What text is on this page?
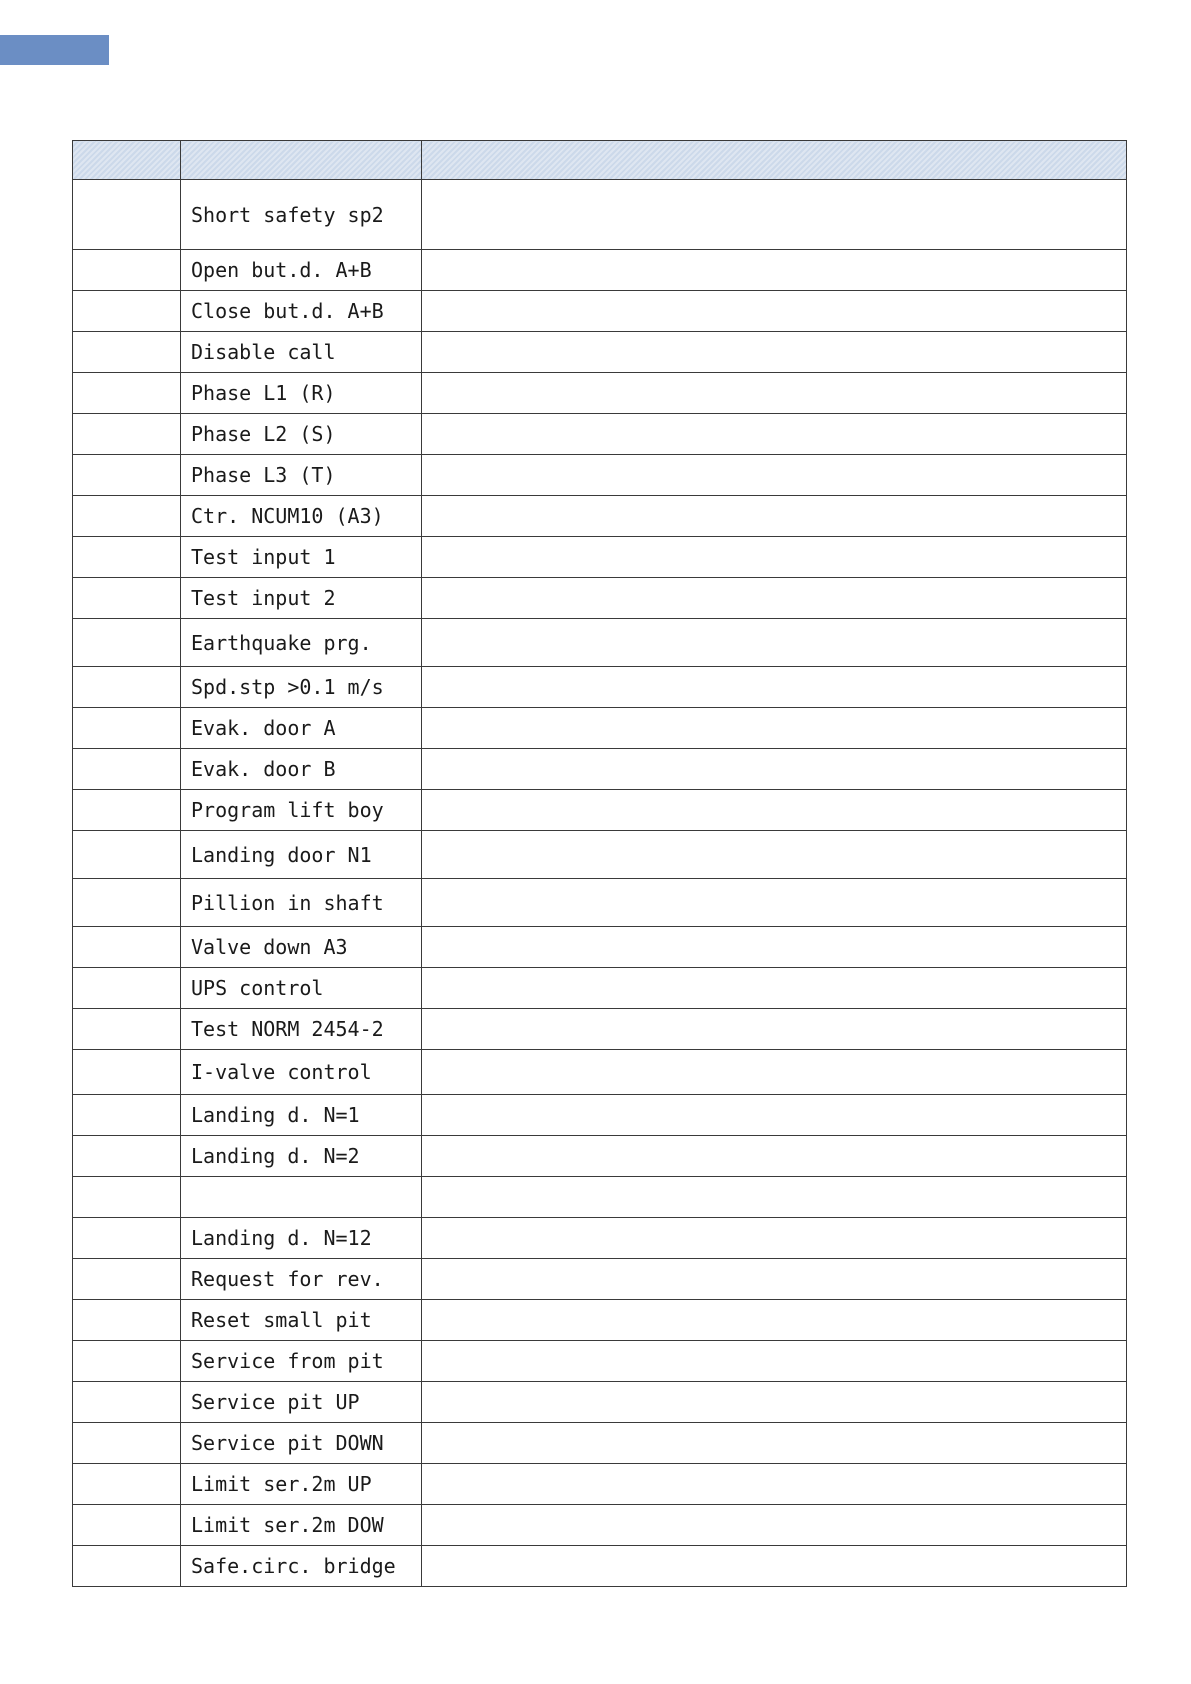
	Short safety sp2	
	Open but.d. A+B	
	Close but.d. A+B	
	Disable call	
	Phase L1 (R)	
	Phase L2 (S)	
	Phase L3 (T)	
	Ctr. NCUM10 (A3)	
	Test input 1	
	Test input 2	
	Earthquake prg.	
	Spd.stp >0.1 m/s	
	Evak. door A	
	Evak. door B	
	Program lift boy	
	Landing door N1	
	Pillion in shaft	
	Valve down A3	
	UPS control	
	Test NORM 2454-2	
	I-valve control	
	Landing d. N=1	
	Landing d. N=2	

	Landing d. N=12	
	Request for rev.	
	Reset small pit	
	Service from pit	
	Service pit UP	
	Service pit DOWN	
	Limit ser.2m UP	
	Limit ser.2m DOW	
	Safe.circ. bridge	
